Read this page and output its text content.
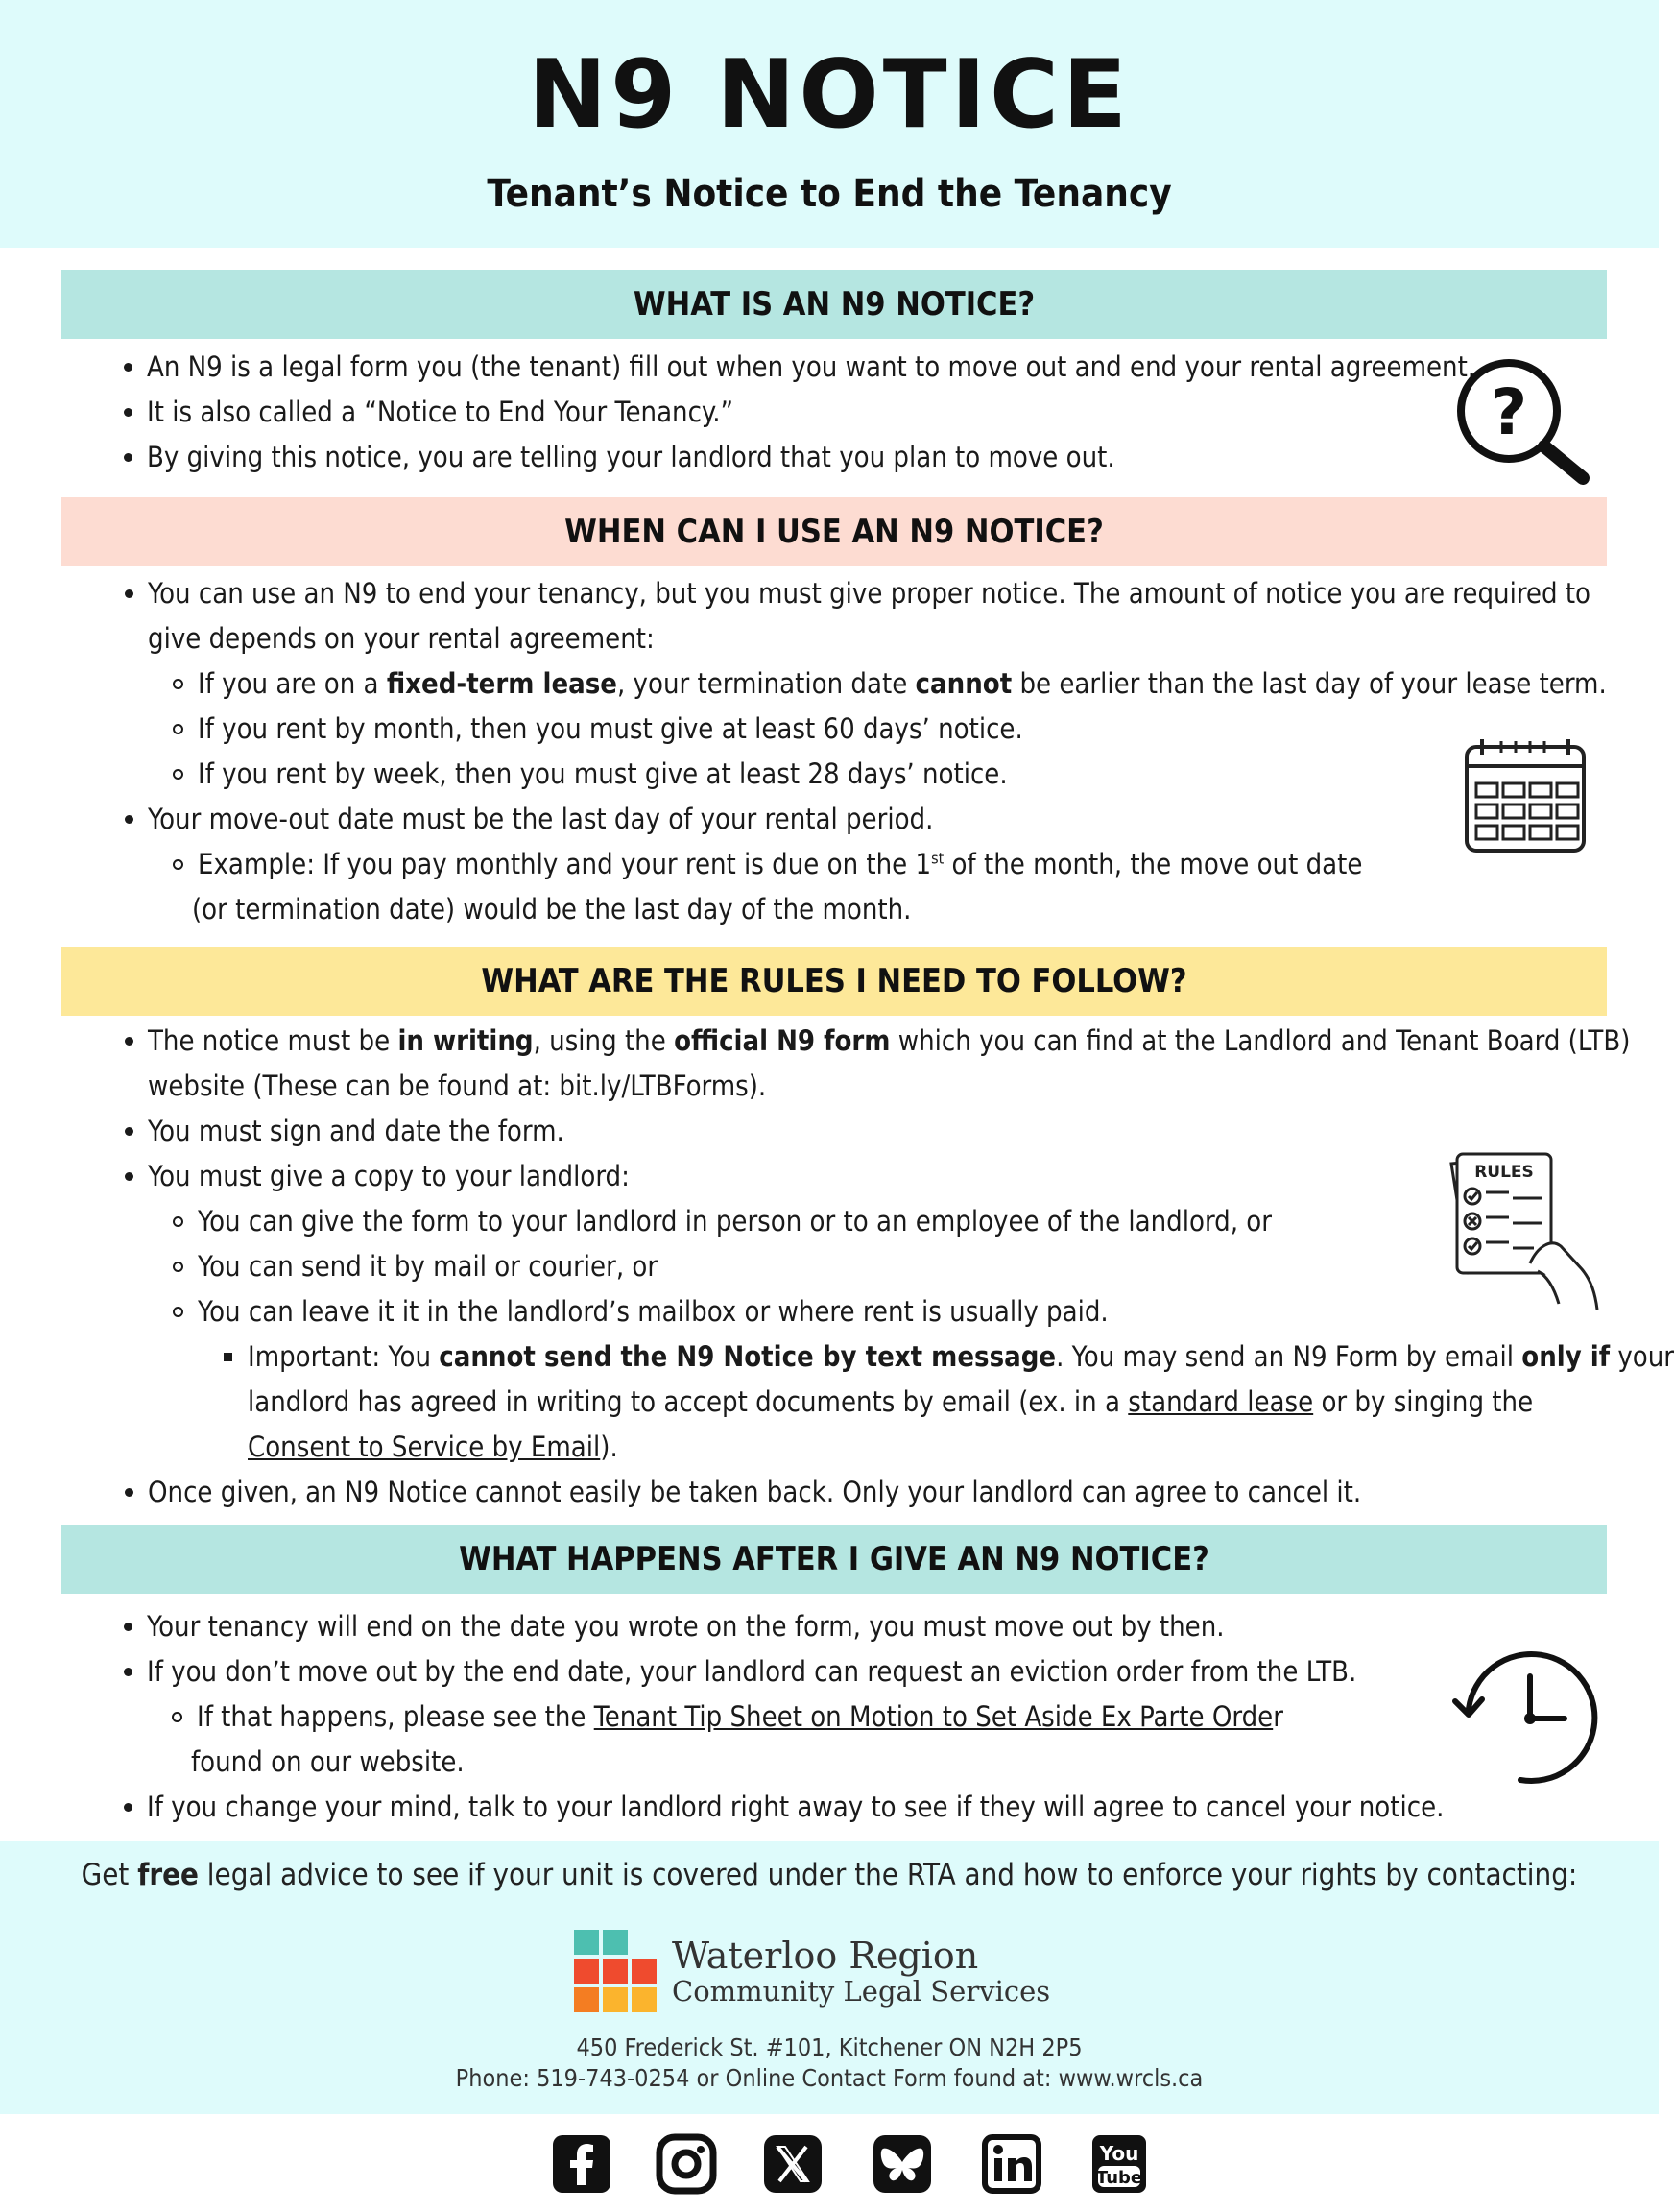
N9 NOTICE
Tenant’s Notice to End the Tenancy
WHAT IS AN N9 NOTICE?
An N9 is a legal form you (the tenant) fill out when you want to move out and end your rental agreement.
It is also called a “Notice to End Your Tenancy.”
By giving this notice, you are telling your landlord that you plan to move out.
?
WHEN CAN I USE AN N9 NOTICE?
You can use an N9 to end your tenancy, but you must give proper notice. The amount of notice you are required to
give depends on your rental agreement:
If you are on a fixed-term lease, your termination date cannot be earlier than the last day of your lease term.
If you rent by month, then you must give at least 60 days’ notice.
If you rent by week, then you must give at least 28 days’ notice.
Your move-out date must be the last day of your rental period.
Example: If you pay monthly and your rent is due on the 1st of the month, the move out date
(or termination date) would be the last day of the month.
WHAT ARE THE RULES I NEED TO FOLLOW?
The notice must be in writing, using the official N9 form which you can find at the Landlord and Tenant Board (LTB)
website (These can be found at: bit.ly/LTBForms).
You must sign and date the form.
You must give a copy to your landlord:
You can give the form to your landlord in person or to an employee of the landlord, or
You can send it by mail or courier, or
You can leave it it in the landlord’s mailbox or where rent is usually paid.
Important: You cannot send the N9 Notice by text message. You may send an N9 Form by email only if your
landlord has agreed in writing to accept documents by email (ex. in a standard lease or by singing the
Consent to Service by Email).
Once given, an N9 Notice cannot easily be taken back. Only your landlord can agree to cancel it.
RULES
WHAT HAPPENS AFTER I GIVE AN N9 NOTICE?
Your tenancy will end on the date you wrote on the form, you must move out by then.
If you don’t move out by the end date, your landlord can request an eviction order from the LTB.
If that happens, please see the Tenant Tip Sheet on Motion to Set Aside Ex Parte Order
found on our website.
If you change your mind, talk to your landlord right away to see if they will agree to cancel your notice.
Get free legal advice to see if your unit is covered under the RTA and how to enforce your rights by contacting:
Waterloo Region
Community Legal Services
450 Frederick St. #101, Kitchener ON N2H 2P5
Phone: 519-743-0254 or Online Contact Form found at: www.wrcls.ca
You
Tube
